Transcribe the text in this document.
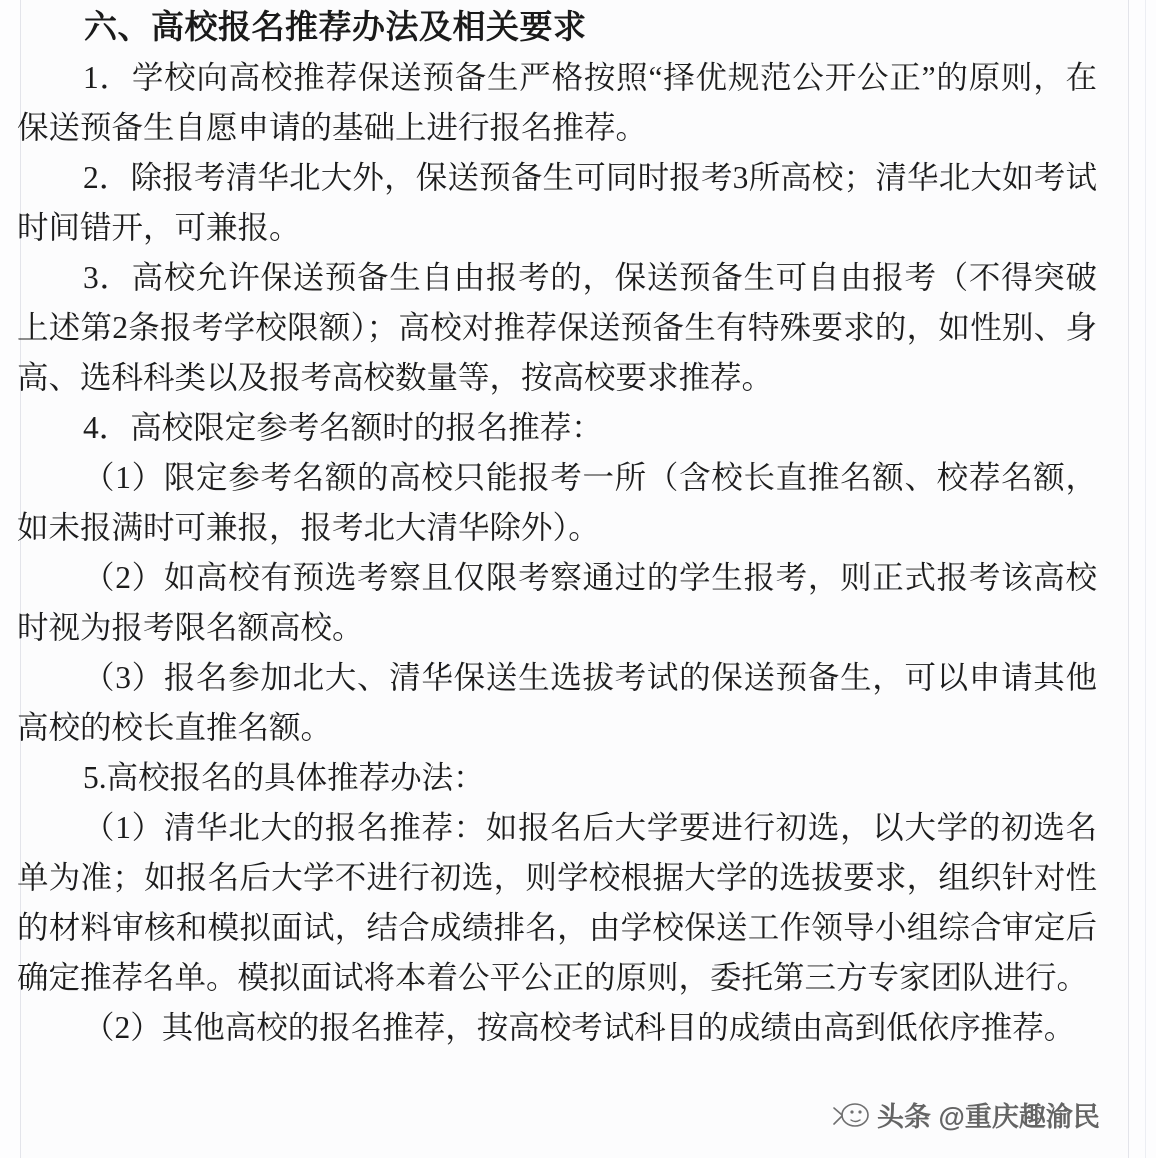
六、高校报名推荐办法及相关要求

1．学校向高校推荐保送预备生严格按照“择优规范公开公正”的原则，在保送预备生自愿申请的基础上进行报名推荐。

2．除报考清华北大外，保送预备生可同时报考3所高校；清华北大如考试时间错开，可兼报。

3．高校允许保送预备生自由报考的，保送预备生可自由报考（不得突破上述第2条报考学校限额）；高校对推荐保送预备生有特殊要求的，如性别、身高、选科科类以及报考高校数量等，按高校要求推荐。

4．高校限定参考名额时的报名推荐：

（1）限定参考名额的高校只能报考一所（含校长直推名额、校荐名额，如未报满时可兼报，报考北大清华除外）。

（2）如高校有预选考察且仅限考察通过的学生报考，则正式报考该高校时视为报考限名额高校。

（3）报名参加北大、清华保送生选拔考试的保送预备生，可以申请其他高校的校长直推名额。

5.高校报名的具体推荐办法：

（1）清华北大的报名推荐：如报名后大学要进行初选，以大学的初选名单为准；如报名后大学不进行初选，则学校根据大学的选拔要求，组织针对性的材料审核和模拟面试，结合成绩排名，由学校保送工作领导小组综合审定后确定推荐名单。模拟面试将本着公平公正的原则，委托第三方专家团队进行。

（2）其他高校的报名推荐，按高校考试科目的成绩由高到低依序推荐。

头条 @重庆趣渝民
